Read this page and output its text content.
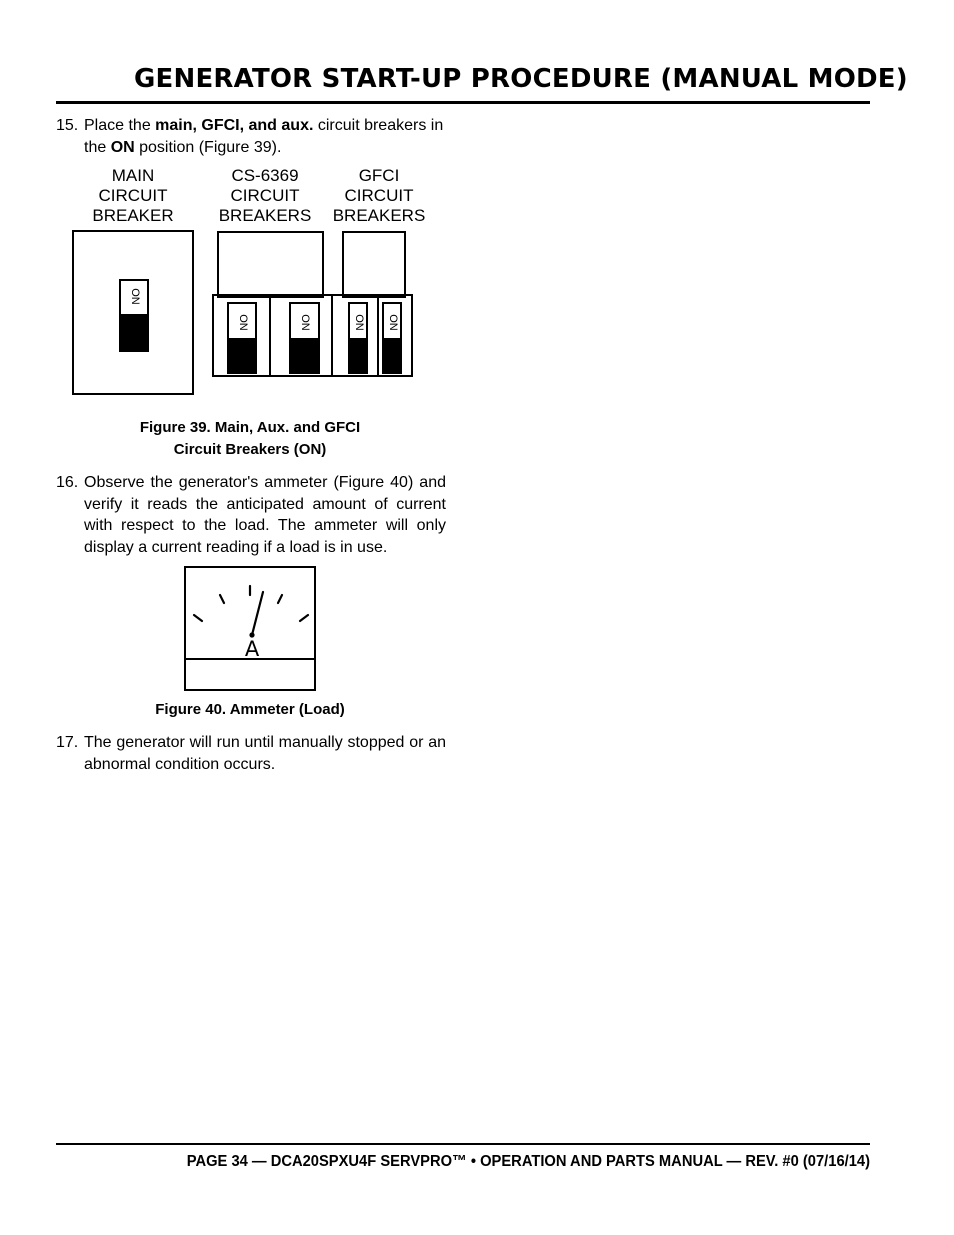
GENERATOR START-UP PROCEDURE (MANUAL MODE)
15. Place the main, GFCI, and aux. circuit breakers in the ON position (Figure 39).
MAIN
CIRCUIT
BREAKER
CS-6369
CIRCUIT
BREAKERS
GFCI
CIRCUIT
BREAKERS
ON
ON	ON	ON ON
Figure 39. Main, Aux. and GFCI
Circuit Breakers (ON)
16. Observe the generator's ammeter (Figure 40) and verify it reads the anticipated amount of current with respect to the load. The ammeter will only display a current reading if a load is in use.
A
Figure 40. Ammeter (Load)
17. The generator will run until manually stopped or an abnormal condition occurs.
PAGE 34 — DCA20SPXU4F SERVPRO™ • OPERATION AND PARTS MANUAL — REV. #0 (07/16/14)
